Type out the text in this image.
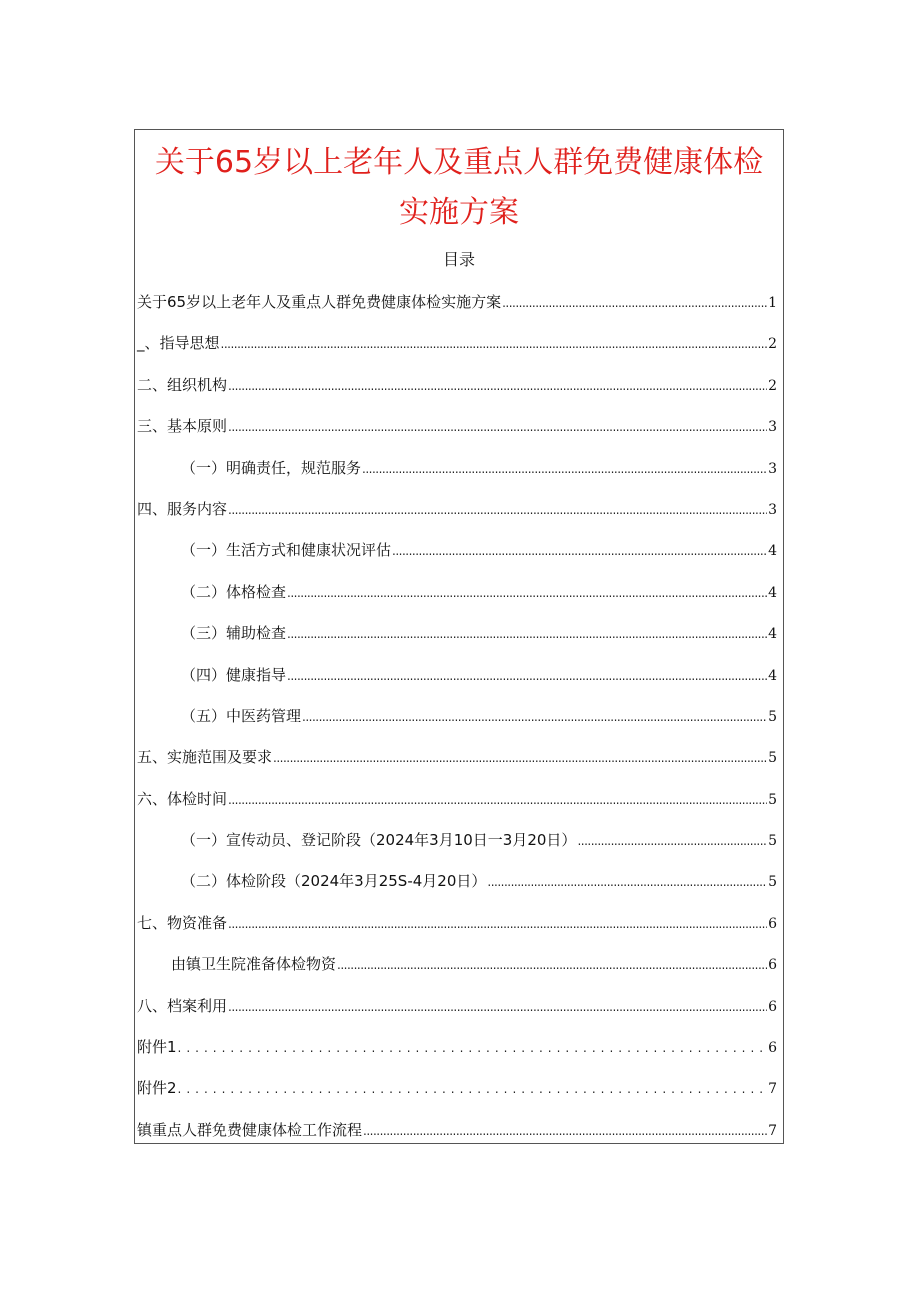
关于65岁以上老年人及重点人群免费健康体检
实施方案
目录
关于65岁以上老年人及重点人群免费健康体检实施方案 .....	1
_、指导思想 .....	2
二、组织机构 .....	2
三、基本原则 .....	3
（一）明确责任，规范服务 .....	3
四、服务内容 .....	3
（一）生活方式和健康状况评估 .....	4
（二）体格检查 .....	4
（三）辅助检查 .....	4
（四）健康指导 .....	4
（五）中医药管理 .....	5
五、实施范围及要求 .....	5
六、体检时间 .....	5
（一）宣传动员、登记阶段（2024年3月10日一3月20日） .....	5
（二）体检阶段（2024年3月25S-4月20日） .....	5
七、物资准备 .....	6
由镇卫生院准备体检物资 .....	6
八、档案利用 .....	6
附件1 .....	6
附件2 .....	7
镇重点人群免费健康体检工作流程 .....	7
